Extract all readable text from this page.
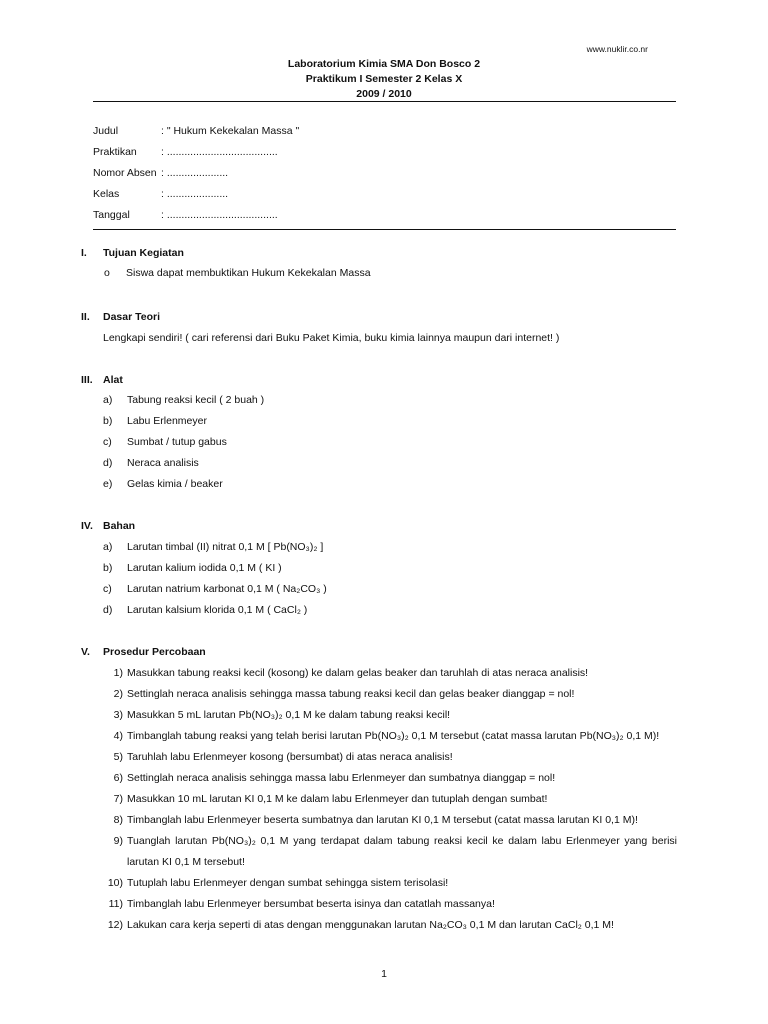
www.nuklir.co.nr
Laboratorium Kimia SMA Don Bosco 2
Praktikum I Semester 2 Kelas X
2009 / 2010
Judul	: " Hukum Kekekalan Massa "
Praktikan	: ......................................
Nomor Absen : .....................
Kelas	: .....................
Tanggal	: ......................................
I. Tujuan Kegiatan
o Siswa dapat membuktikan Hukum Kekekalan Massa
II. Dasar Teori
Lengkapi sendiri! ( cari referensi dari Buku Paket Kimia, buku kimia lainnya maupun dari internet! )
III. Alat
a) Tabung reaksi kecil ( 2 buah )
b) Labu Erlenmeyer
c) Sumbat / tutup gabus
d) Neraca analisis
e) Gelas kimia / beaker
IV. Bahan
a) Larutan timbal (II) nitrat 0,1 M [ Pb(NO₃)₂ ]
b) Larutan kalium iodida 0,1 M ( KI )
c) Larutan natrium karbonat 0,1 M ( Na₂CO₃ )
d) Larutan kalsium klorida 0,1 M ( CaCl₂ )
V. Prosedur Percobaan
1) Masukkan tabung reaksi kecil (kosong) ke dalam gelas beaker dan taruhlah di atas neraca analisis!
2) Settinglah neraca analisis sehingga massa tabung reaksi kecil dan gelas beaker dianggap = nol!
3) Masukkan 5 mL larutan Pb(NO₃)₂ 0,1 M ke dalam tabung reaksi kecil!
4) Timbanglah tabung reaksi yang telah berisi larutan Pb(NO₃)₂ 0,1 M tersebut (catat massa larutan Pb(NO₃)₂ 0,1 M)!
5) Taruhlah labu Erlenmeyer kosong (bersumbat) di atas neraca analisis!
6) Settinglah neraca analisis sehingga massa labu Erlenmeyer dan sumbatnya dianggap = nol!
7) Masukkan 10 mL larutan KI 0,1 M ke dalam labu Erlenmeyer dan tutuplah dengan sumbat!
8) Timbanglah labu Erlenmeyer beserta sumbatnya dan larutan KI 0,1 M tersebut (catat massa larutan KI 0,1 M)!
9) Tuanglah larutan Pb(NO₃)₂ 0,1 M yang terdapat dalam tabung reaksi kecil ke dalam labu Erlenmeyer yang berisi
larutan KI 0,1 M tersebut!
10) Tutuplah labu Erlenmeyer dengan sumbat sehingga sistem terisolasi!
11) Timbanglah labu Erlenmeyer bersumbat beserta isinya dan catatlah massanya!
12) Lakukan cara kerja seperti di atas dengan menggunakan larutan Na₂CO₃ 0,1 M dan larutan CaCl₂ 0,1 M!
1
